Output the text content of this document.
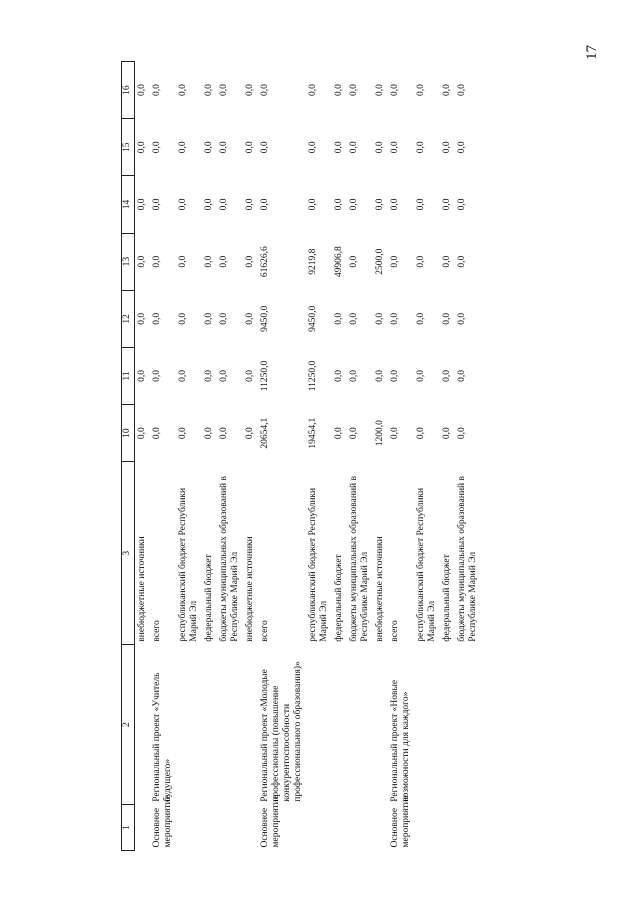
17
1	2	3	10	11	12	13	14	15	16
		внебюджетные источники	0,0	0,0	0,0	0,0	0,0	0,0	0,0
Основное мероприятие	Региональный проект «Учитель будущего»	всего	0,0	0,0	0,0	0,0	0,0	0,0	0,0
		республиканский бюджет Республики Марий Эл	0,0	0,0	0,0	0,0	0,0	0,0	0,0
		федеральный бюджет	0,0	0,0	0,0	0,0	0,0	0,0	0,0
		бюджеты муниципальных образований в Республике Марий Эл	0,0	0,0	0,0	0,0	0,0	0,0	0,0
		внебюджетные источники	0,0	0,0	0,0	0,0	0,0	0,0	0,0
Основное мероприятие	Региональный проект «Молодые профессионалы (повышение конкурентоспособности профессионального образования)»	всего	20654,1	11250,0	9450,0	61626,6	0,0	0,0	0,0
		республиканский бюджет Республики Марий Эл	19454,1	11250,0	9450,0	9219,8	0,0	0,0	0,0
		федеральный бюджет	0,0	0,0	0,0	49906,8	0,0	0,0	0,0
		бюджеты муниципальных образований в Республике Марий Эл	0,0	0,0	0,0	0,0	0,0	0,0	0,0
		внебюджетные источники	1200,0	0,0	0,0	2500,0	0,0	0,0	0,0
Основное мероприятие	Региональный проект «Новые возможности для каждого»	всего	0,0	0,0	0,0	0,0	0,0	0,0	0,0
		республиканский бюджет Республики Марий Эл	0,0	0,0	0,0	0,0	0,0	0,0	0,0
		федеральный бюджет	0,0	0,0	0,0	0,0	0,0	0,0	0,0
		бюджеты муниципальных образований в Республике Марий Эл	0,0	0,0	0,0	0,0	0,0	0,0	0,0
